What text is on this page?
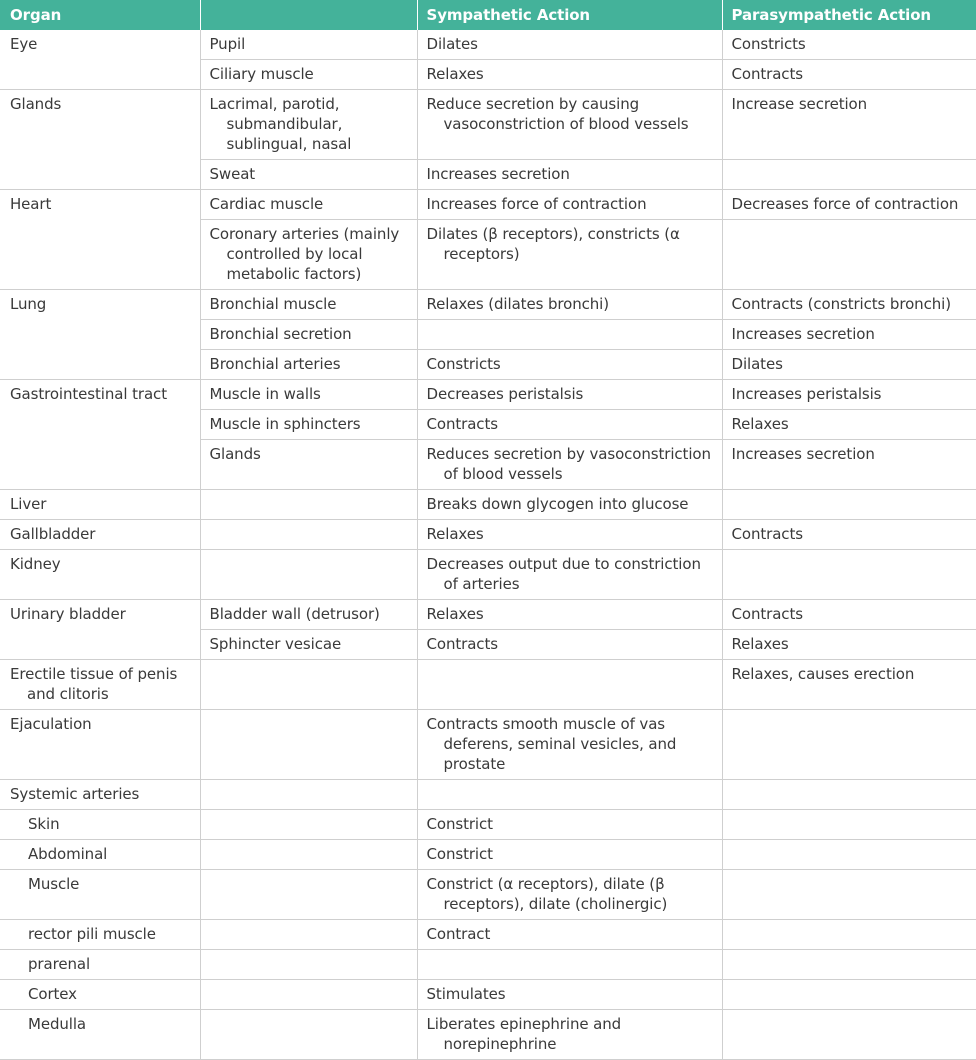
Organ		Sympathetic Action	Parasympathetic Action

Eye	Pupil	Dilates	Constricts

	Ciliary muscle	Relaxes	Contracts

Glands	Lacrimal, parotid, submandibular, sublingual, nasal	Reduce secretion by causing vasoconstriction of blood vessels	Increase secretion

	Sweat	Increases secretion	

Heart	Cardiac muscle	Increases force of contraction	Decreases force of contraction

	Coronary arteries (mainly controlled by local metabolic factors)	Dilates (β receptors), constricts (α receptors)	

Lung	Bronchial muscle	Relaxes (dilates bronchi)	Contracts (constricts bronchi)

	Bronchial secretion		Increases secretion

	Bronchial arteries	Constricts	Dilates

Gastrointestinal tract	Muscle in walls	Decreases peristalsis	Increases peristalsis

	Muscle in sphincters	Contracts	Relaxes

	Glands	Reduces secretion by vasoconstriction of blood vessels	Increases secretion

Liver		Breaks down glycogen into glucose	

Gallbladder		Relaxes	Contracts

Kidney		Decreases output due to constriction of arteries	

Urinary bladder	Bladder wall (detrusor)	Relaxes	Contracts

	Sphincter vesicae	Contracts	Relaxes

Erectile tissue of penis and clitoris			Relaxes, causes erection

Ejaculation		Contracts smooth muscle of vas deferens, seminal vesicles, and prostate	

Systemic arteries			

Skin		Constrict	

Abdominal		Constrict	

Muscle		Constrict (α receptors), dilate (β receptors), dilate (cholinergic)	

rector pili muscle		Contract	

prarenal			

Cortex		Stimulates	

Medulla		Liberates epinephrine and norepinephrine	
